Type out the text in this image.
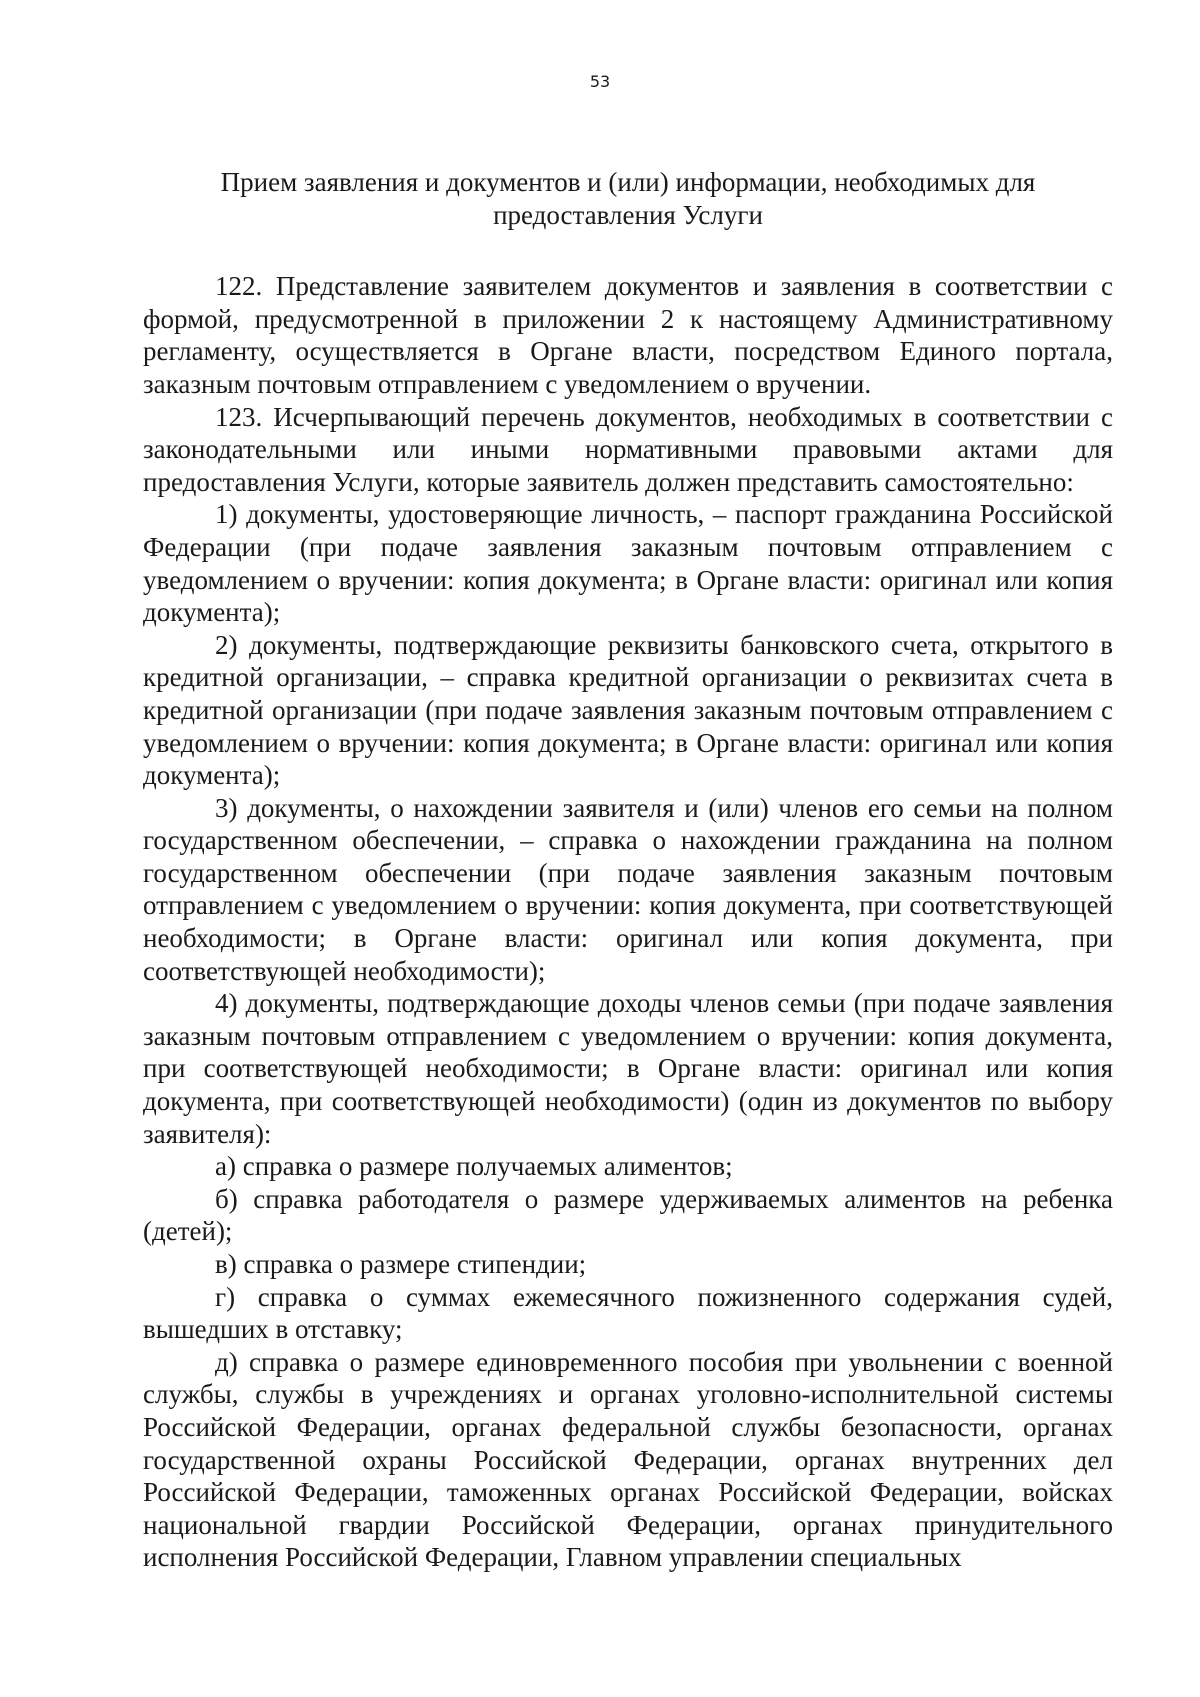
53
Прием заявления и документов и (или) информации, необходимых для предоставления Услуги

122. Представление заявителем документов и заявления в соответствии с формой, предусмотренной в приложении 2 к настоящему Административному регламенту, осуществляется в Органе власти, посредством Единого портала, заказным почтовым отправлением с уведомлением о вручении.

123. Исчерпывающий перечень документов, необходимых в соответствии с законодательными или иными нормативными правовыми актами для предоставления Услуги, которые заявитель должен представить самостоятельно:

1) документы, удостоверяющие личность, – паспорт гражданина Российской Федерации (при подаче заявления заказным почтовым отправлением с уведомлением о вручении: копия документа; в Органе власти: оригинал или копия документа);

2) документы, подтверждающие реквизиты банковского счета, открытого в кредитной организации, – справка кредитной организации о реквизитах счета в кредитной организации (при подаче заявления заказным почтовым отправлением с уведомлением о вручении: копия документа; в Органе власти: оригинал или копия документа);

3) документы, о нахождении заявителя и (или) членов его семьи на полном государственном обеспечении, – справка о нахождении гражданина на полном государственном обеспечении (при подаче заявления заказным почтовым отправлением с уведомлением о вручении: копия документа, при соответствующей необходимости; в Органе власти: оригинал или копия документа, при соответствующей необходимости);

4) документы, подтверждающие доходы членов семьи (при подаче заявления заказным почтовым отправлением с уведомлением о вручении: копия документа, при соответствующей необходимости; в Органе власти: оригинал или копия документа, при соответствующей необходимости) (один из документов по выбору заявителя):

а) справка о размере получаемых алиментов;

б) справка работодателя о размере удерживаемых алиментов на ребенка (детей);

в) справка о размере стипендии;

г) справка о суммах ежемесячного пожизненного содержания судей, вышедших в отставку;

д) справка о размере единовременного пособия при увольнении с военной службы, службы в учреждениях и органах уголовно-исполнительной системы Российской Федерации, органах федеральной службы безопасности, органах государственной охраны Российской Федерации, органах внутренних дел Российской Федерации, таможенных органах Российской Федерации, войсках национальной гвардии Российской Федерации, органах принудительного исполнения Российской Федерации, Главном управлении специальных
